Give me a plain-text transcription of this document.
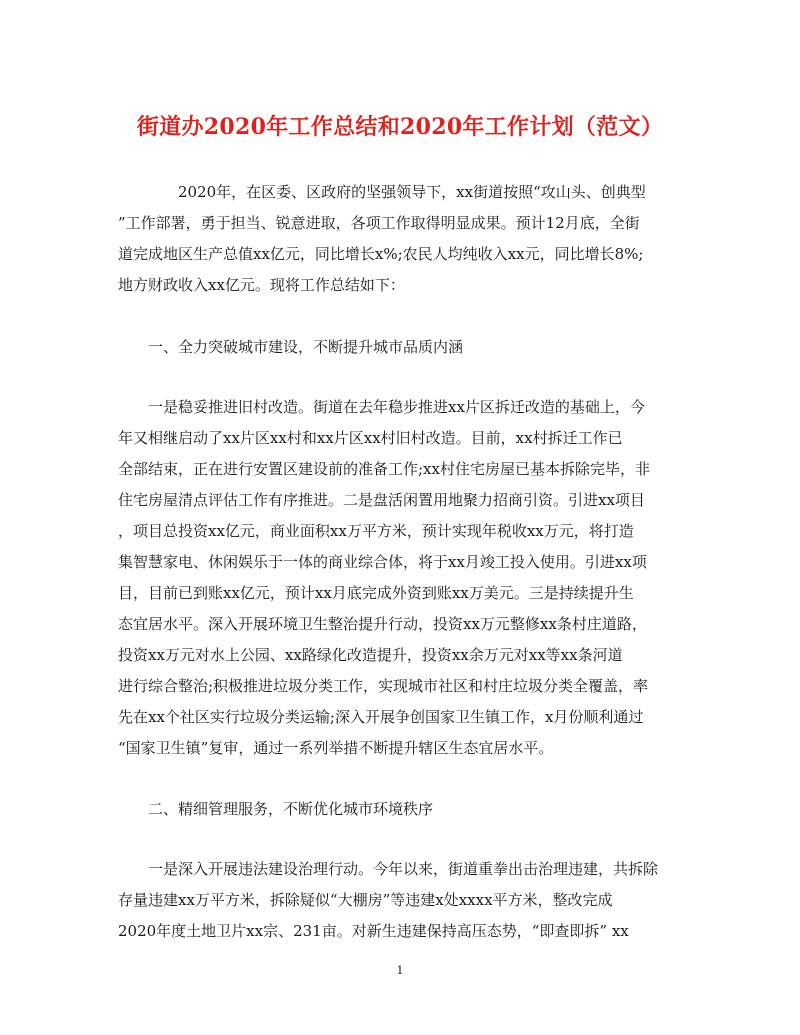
街道办2020年工作总结和2020年工作计划（范文）
2020年，在区委、区政府的坚强领导下，xx街道按照“攻山头、创典型
”工作部署，勇于担当、锐意进取，各项工作取得明显成果。预计12月底，全街
道完成地区生产总值xx亿元，同比增长x%;农民人均纯收入xx元，同比增长8%;
地方财政收入xx亿元。现将工作总结如下：
一、全力突破城市建设，不断提升城市品质内涵
一是稳妥推进旧村改造。街道在去年稳步推进xx片区拆迁改造的基础上，今
年又相继启动了xx片区xx村和xx片区xx村旧村改造。目前，xx村拆迁工作已
全部结束，正在进行安置区建设前的准备工作;xx村住宅房屋已基本拆除完毕，非
住宅房屋清点评估工作有序推进。二是盘活闲置用地聚力招商引资。引进xx项目
，项目总投资xx亿元，商业面积xx万平方米，预计实现年税收xx万元，将打造
集智慧家电、休闲娱乐于一体的商业综合体，将于xx月竣工投入使用。引进xx项
目，目前已到账xx亿元，预计xx月底完成外资到账xx万美元。三是持续提升生
态宜居水平。深入开展环境卫生整治提升行动，投资xx万元整修xx条村庄道路，
投资xx万元对水上公园、xx路绿化改造提升，投资xx余万元对xx等xx条河道
进行综合整治;积极推进垃圾分类工作，实现城市社区和村庄垃圾分类全覆盖，率
先在xx个社区实行垃圾分类运输;深入开展争创国家卫生镇工作，x月份顺利通过
“国家卫生镇”复审，通过一系列举措不断提升辖区生态宜居水平。
二、精细管理服务，不断优化城市环境秩序
一是深入开展违法建设治理行动。今年以来，街道重拳出击治理违建，共拆除
存量违建xx万平方米，拆除疑似“大棚房”等违建x处xxxx平方米，整改完成
2020年度土地卫片xx宗、231亩。对新生违建保持高压态势，“即查即拆” xx
1
